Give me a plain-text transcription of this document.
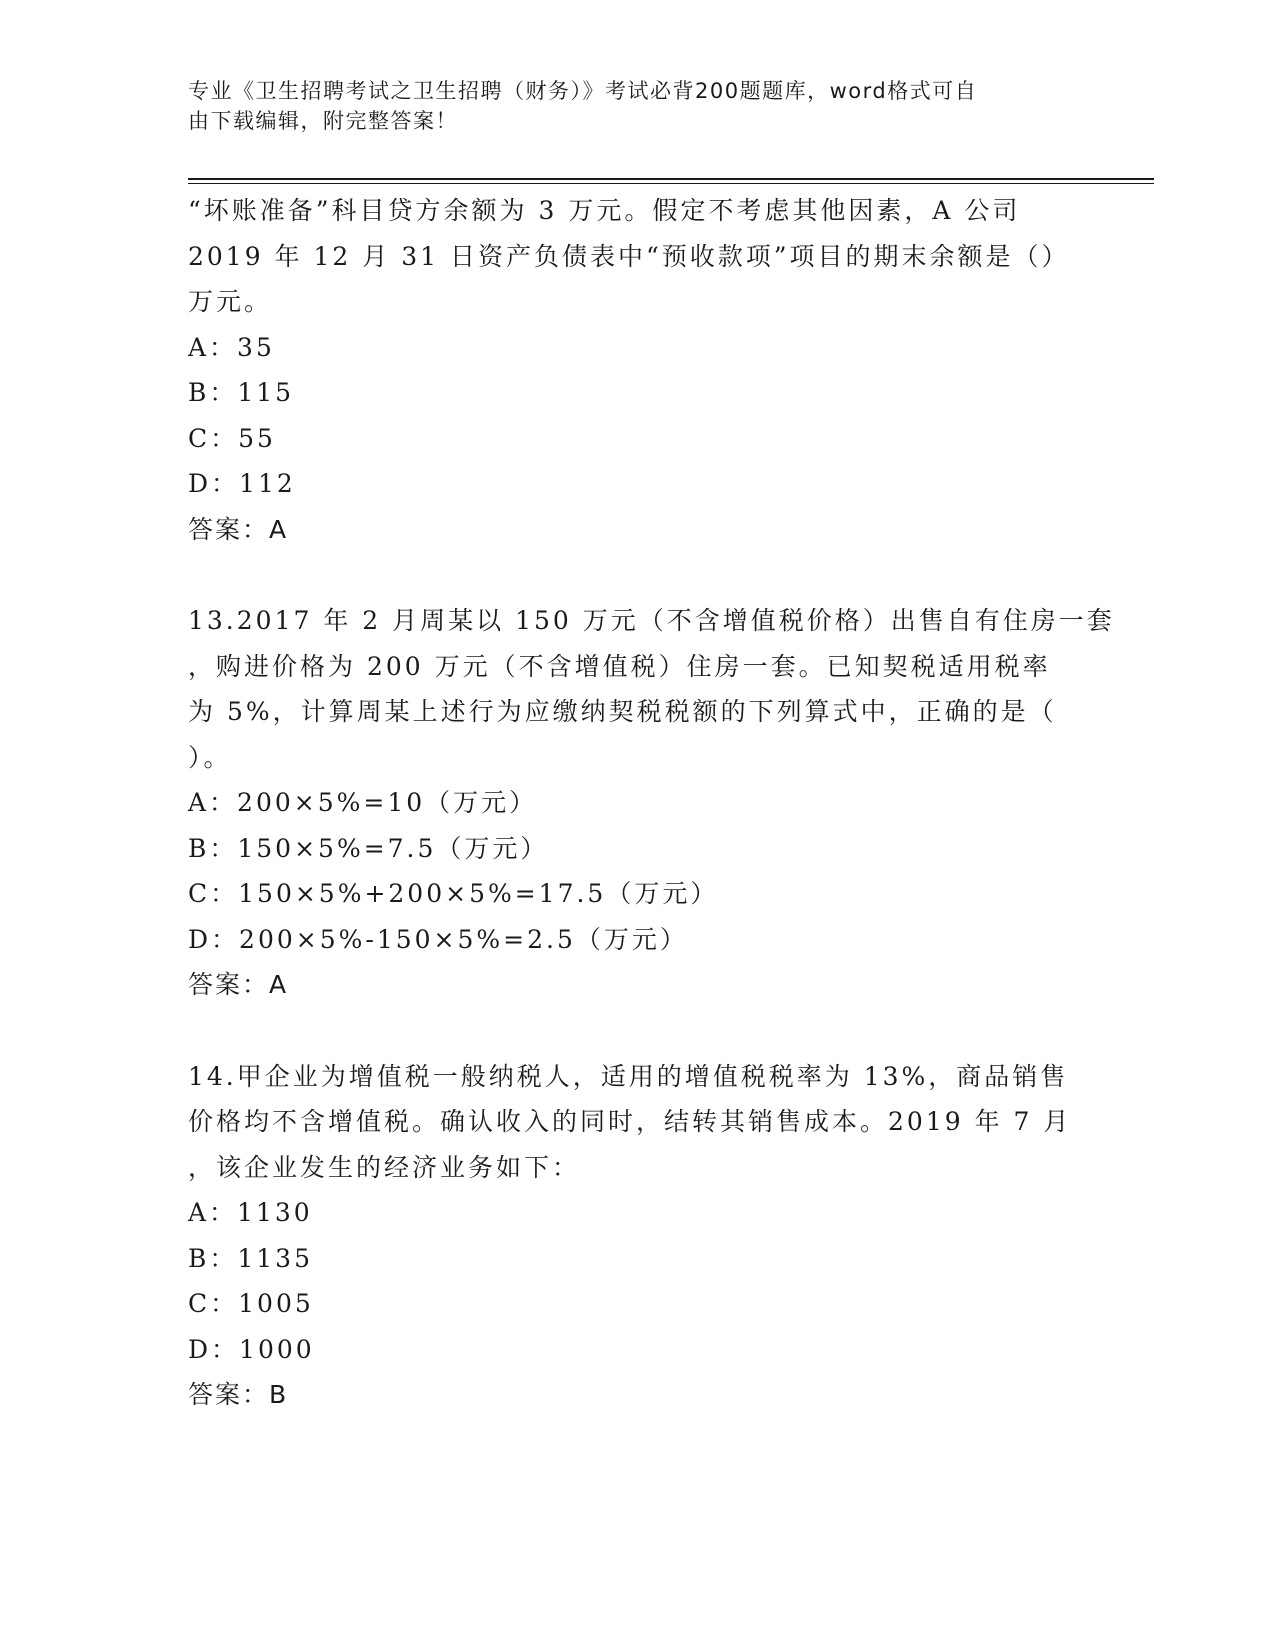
专业《卫生招聘考试之卫生招聘（财务）》考试必背200题题库，word格式可自
由下载编辑，附完整答案！
“坏账准备”科目贷方余额为 3 万元。假定不考虑其他因素，A 公司
2019 年 12 月 31 日资产负债表中“预收款项”项目的期末余额是（）
万元。
A：35
B：115
C：55
D：112
答案：A
13.2017 年 2 月周某以 150 万元（不含增值税价格）出售自有住房一套
，购进价格为 200 万元（不含增值税）住房一套。已知契税适用税率
为 5%，计算周某上述行为应缴纳契税税额的下列算式中，正确的是（
）。
A：200×5%=10（万元）
B：150×5%=7.5（万元）
C：150×5%+200×5%=17.5（万元）
D：200×5%-150×5%=2.5（万元）
答案：A
14.甲企业为增值税一般纳税人，适用的增值税税率为 13%，商品销售
价格均不含增值税。确认收入的同时，结转其销售成本。2019 年 7 月
，该企业发生的经济业务如下：
A：1130
B：1135
C：1005
D：1000
答案：B
